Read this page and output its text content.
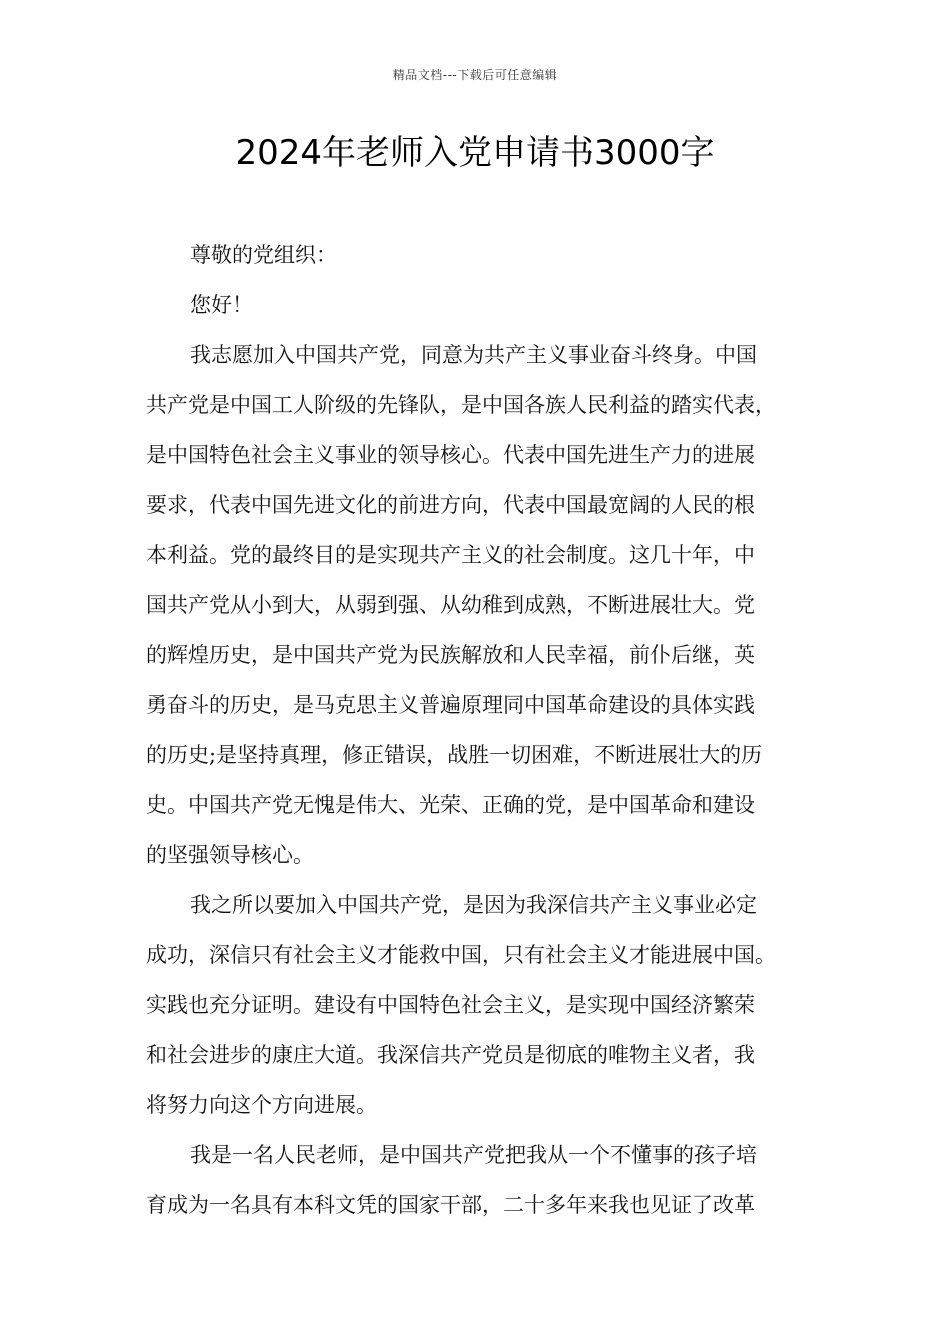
精品文档---下载后可任意编辑
2024年老师入党申请书3000字
尊敬的党组织：
您好！
我志愿加入中国共产党，同意为共产主义事业奋斗终身。中国
共产党是中国工人阶级的先锋队，是中国各族人民利益的踏实代表，
是中国特色社会主义事业的领导核心。代表中国先进生产力的进展
要求，代表中国先进文化的前进方向，代表中国最宽阔的人民的根
本利益。党的最终目的是实现共产主义的社会制度。这几十年，中
国共产党从小到大，从弱到强、从幼稚到成熟，不断进展壮大。党
的辉煌历史，是中国共产党为民族解放和人民幸福，前仆后继，英
勇奋斗的历史，是马克思主义普遍原理同中国革命建设的具体实践
的历史;是坚持真理，修正错误，战胜一切困难，不断进展壮大的历
史。中国共产党无愧是伟大、光荣、正确的党，是中国革命和建设
的坚强领导核心。
我之所以要加入中国共产党，是因为我深信共产主义事业必定
成功，深信只有社会主义才能救中国，只有社会主义才能进展中国。
实践也充分证明。建设有中国特色社会主义，是实现中国经济繁荣
和社会进步的康庄大道。我深信共产党员是彻底的唯物主义者，我
将努力向这个方向进展。
我是一名人民老师，是中国共产党把我从一个不懂事的孩子培
育成为一名具有本科文凭的国家干部，二十多年来我也见证了改革
